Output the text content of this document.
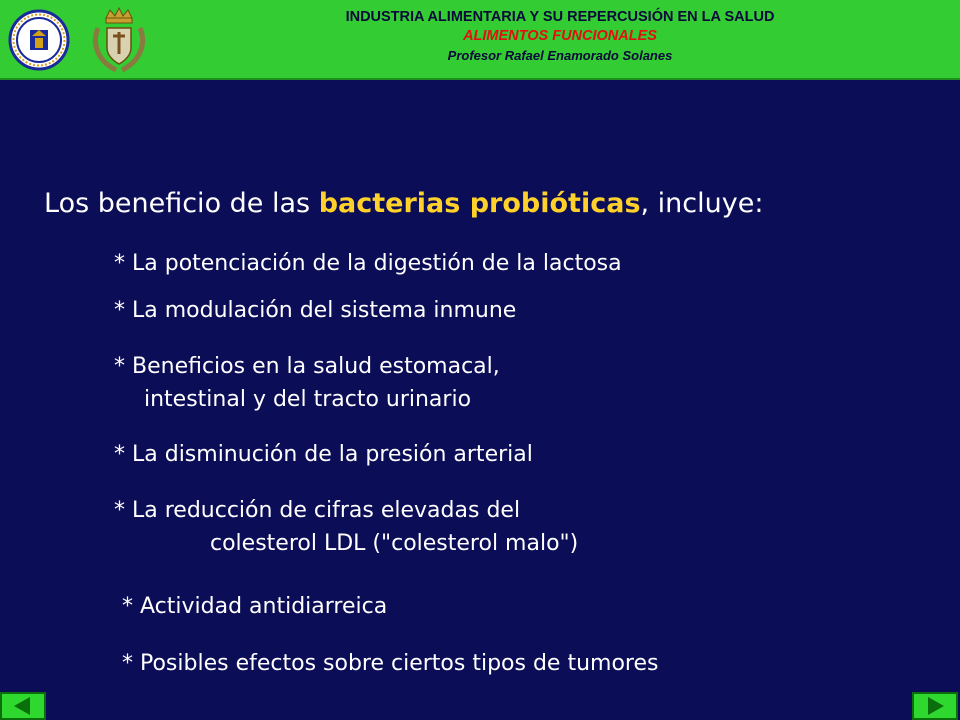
INDUSTRIA ALIMENTARIA Y SU REPERCUSIÓN EN LA SALUD
ALIMENTOS FUNCIONALES
Profesor Rafael Enamorado Solanes
Los beneficio de las bacterias probióticas, incluye:
* La potenciación de la digestión de la lactosa
* La modulación del sistema inmune
* Beneficios en la salud estomacal,
intestinal y del tracto urinario
* La disminución de la presión arterial
* La reducción de cifras elevadas del
colesterol LDL ("colesterol malo")
* Actividad antidiarreica
* Posibles efectos sobre ciertos tipos de tumores
